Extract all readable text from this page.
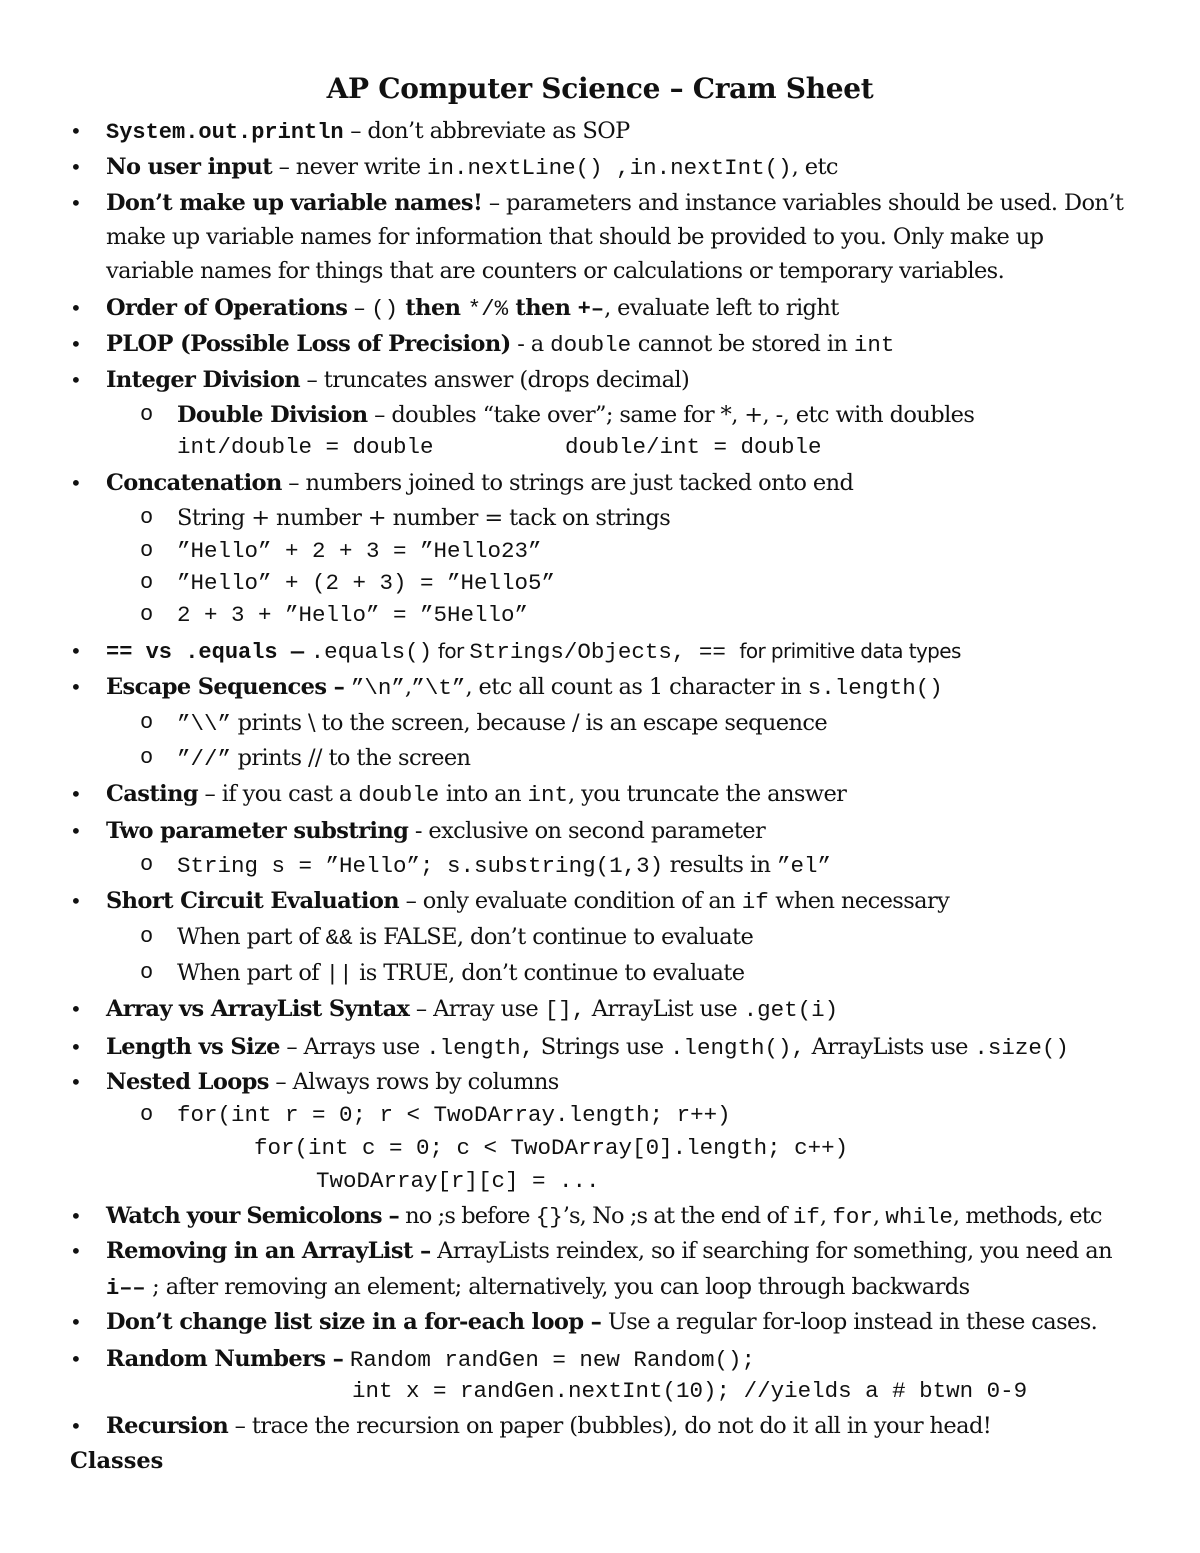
AP Computer Science – Cram Sheet
• System.out.println – don’t abbreviate as SOP
• No user input – never write in.nextLine() ,in.nextInt(), etc
• Don’t make up variable names! – parameters and instance variables should be used. Don’t
make up variable names for information that should be provided to you. Only make up
variable names for things that are counters or calculations or temporary variables.
• Order of Operations – () then */% then +–, evaluate left to right
• PLOP (Possible Loss of Precision) - a double cannot be stored in int
• Integer Division – truncates answer (drops decimal)
o Double Division – doubles “take over”; same for *, +, -, etc with doubles
int/double = double	double/int = double
• Concatenation – numbers joined to strings are just tacked onto end
o String + number + number = tack on strings
o ”Hello” + 2 + 3 = ”Hello23”
o ”Hello” + (2 + 3) = ”Hello5”
o 2 + 3 + ”Hello” = ”5Hello”
• == vs .equals — .equals() for Strings/Objects, == for primitive data types
• Escape Sequences – ”\n”,”\t”, etc all count as 1 character in s.length()
o ”\\” prints \ to the screen, because / is an escape sequence
o ”//” prints // to the screen
• Casting – if you cast a double into an int, you truncate the answer
• Two parameter substring - exclusive on second parameter
o String s = ”Hello”; s.substring(1,3) results in ”el”
• Short Circuit Evaluation – only evaluate condition of an if when necessary
o When part of && is FALSE, don’t continue to evaluate
o When part of || is TRUE, don’t continue to evaluate
• Array vs ArrayList Syntax – Array use [], ArrayList use .get(i)
• Length vs Size – Arrays use .length, Strings use .length(), ArrayLists use .size()
• Nested Loops – Always rows by columns
o for(int r = 0; r < TwoDArray.length; r++)
for(int c = 0; c < TwoDArray[0].length; c++)
TwoDArray[r][c] = ...
• Watch your Semicolons – no ;s before {}’s, No ;s at the end of if, for, while, methods, etc
• Removing in an ArrayList – ArrayLists reindex, so if searching for something, you need an
i–– ; after removing an element; alternatively, you can loop through backwards
• Don’t change list size in a for-each loop – Use a regular for-loop instead in these cases.
• Random Numbers – Random randGen = new Random();
int x = randGen.nextInt(10); //yields a # btwn 0-9
• Recursion – trace the recursion on paper (bubbles), do not do it all in your head!
Classes
